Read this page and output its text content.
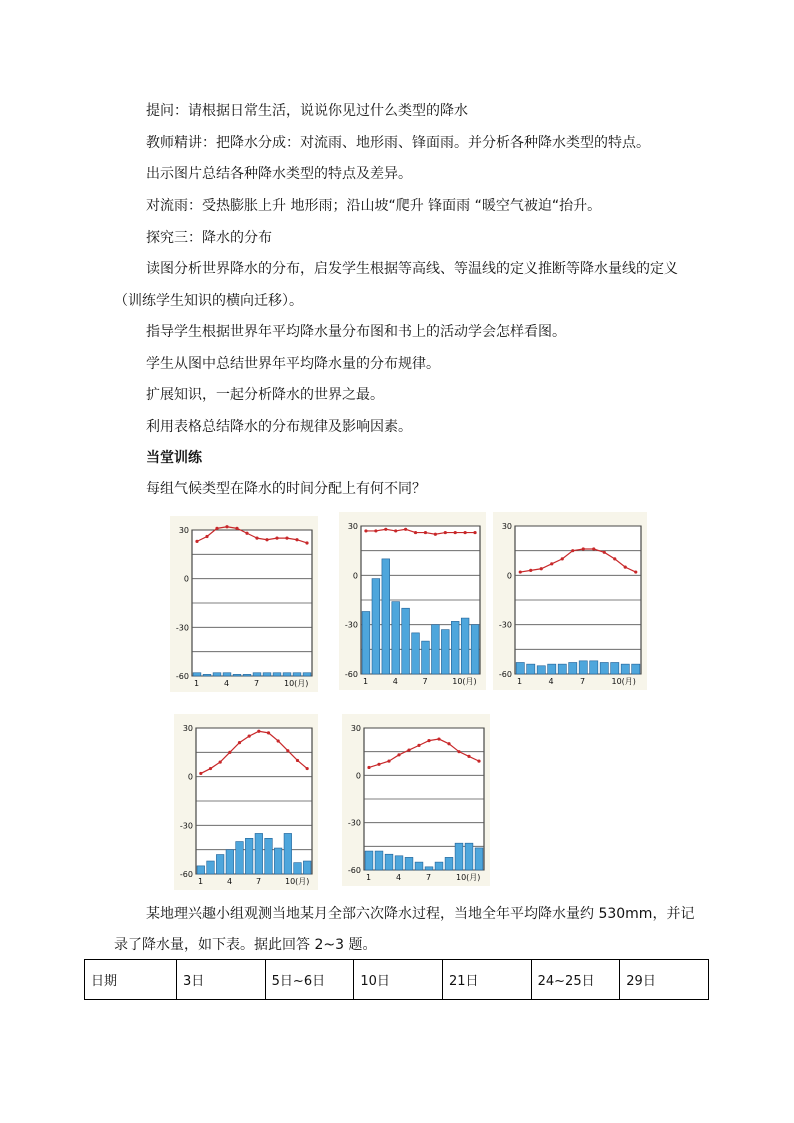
提问：请根据日常生活，说说你见过什么类型的降水
教师精讲：把降水分成：对流雨、地形雨、锋面雨。并分析各种降水类型的特点。
出示图片总结各种降水类型的特点及差异。
对流雨：受热膨胀上升 地形雨；沿山坡“爬升 锋面雨 “暖空气被迫“抬升。
探究三：降水的分布
读图分析世界降水的分布，启发学生根据等高线、等温线的定义推断等降水量线的定义
（训练学生知识的横向迁移）。
指导学生根据世界年平均降水量分布图和书上的活动学会怎样看图。
学生从图中总结世界年平均降水量的分布规律。
扩展知识，一起分析降水的世界之最。
利用表格总结降水的分布规律及影响因素。
当堂训练
每组气候类型在降水的时间分配上有何不同？
30
0
-30
-60
1	4	7	10(月)
30
0
-30
-60
1	4	7	10(月)
30
0
-30
-60
1	4	7	10(月)
30
0
-30
-60
1	4	7	10(月)
30
0
-30
-60
1	4	7	10(月)
某地理兴趣小组观测当地某月全部六次降水过程，当地全年平均降水量约 530mm，并记
录了降水量，如下表。据此回答 2~3 题。
日期	3日	5日~6日	10日	21日	24~25日	29日
